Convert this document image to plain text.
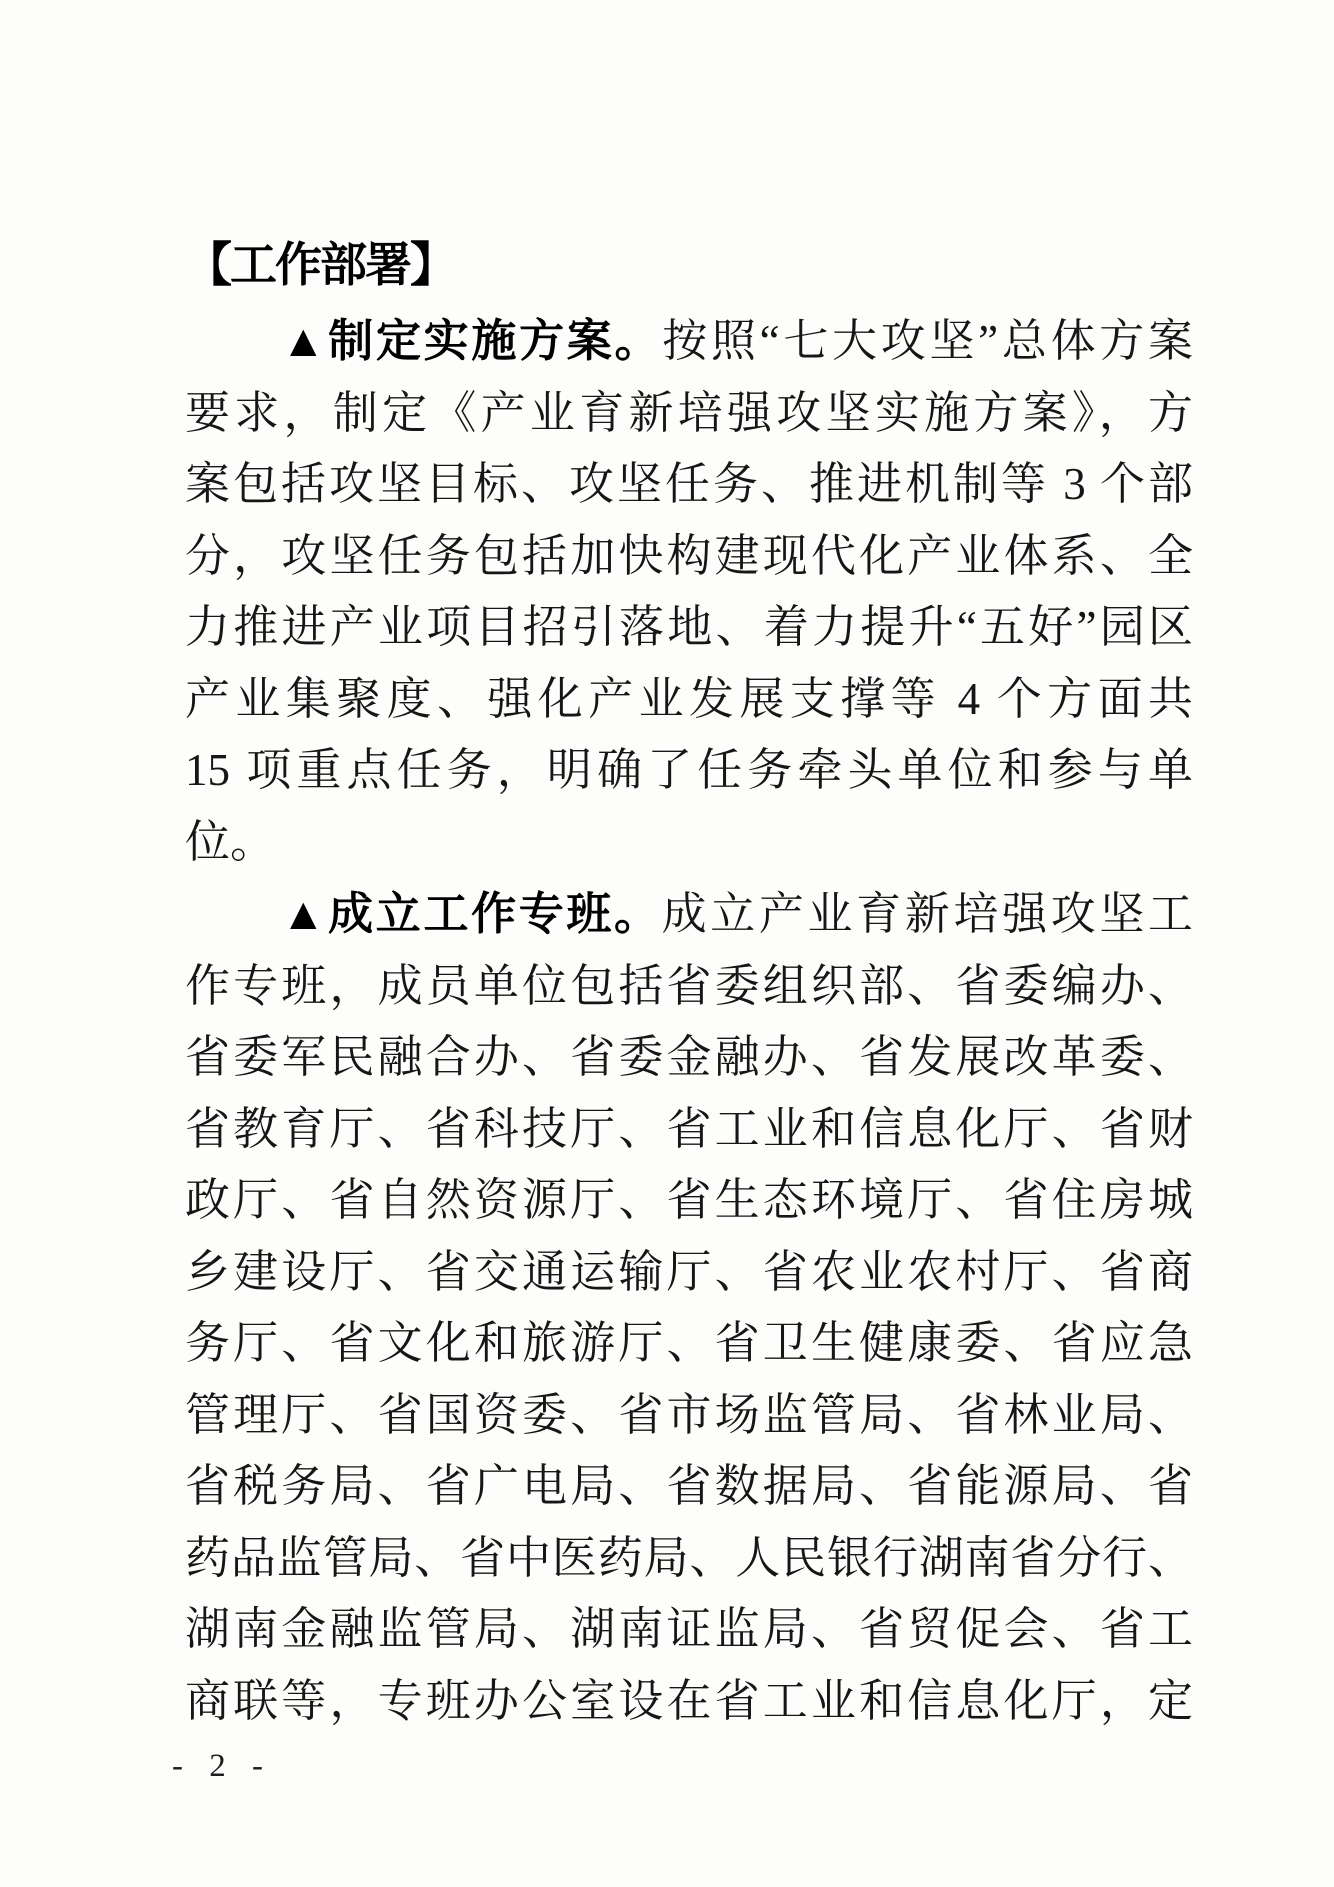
【工作部署】
▲制定实施方案。按照“七大攻坚”总体方案
要求，制定《产业育新培强攻坚实施方案》，方
案包括攻坚目标、攻坚任务、推进机制等 3 个部
分，攻坚任务包括加快构建现代化产业体系、全
力推进产业项目招引落地、着力提升“五好”园区
产业集聚度、强化产业发展支撑等 4 个方面共
15 项重点任务，明确了任务牵头单位和参与单
位。
▲成立工作专班。成立产业育新培强攻坚工
作专班，成员单位包括省委组织部、省委编办、
省委军民融合办、省委金融办、省发展改革委、
省教育厅、省科技厅、省工业和信息化厅、省财
政厅、省自然资源厅、省生态环境厅、省住房城
乡建设厅、省交通运输厅、省农业农村厅、省商
务厅、省文化和旅游厅、省卫生健康委、省应急
管理厅、省国资委、省市场监管局、省林业局、
省税务局、省广电局、省数据局、省能源局、省
药品监管局、省中医药局、人民银行湖南省分行、
湖南金融监管局、湖南证监局、省贸促会、省工
商联等，专班办公室设在省工业和信息化厅，定
- 2 -
